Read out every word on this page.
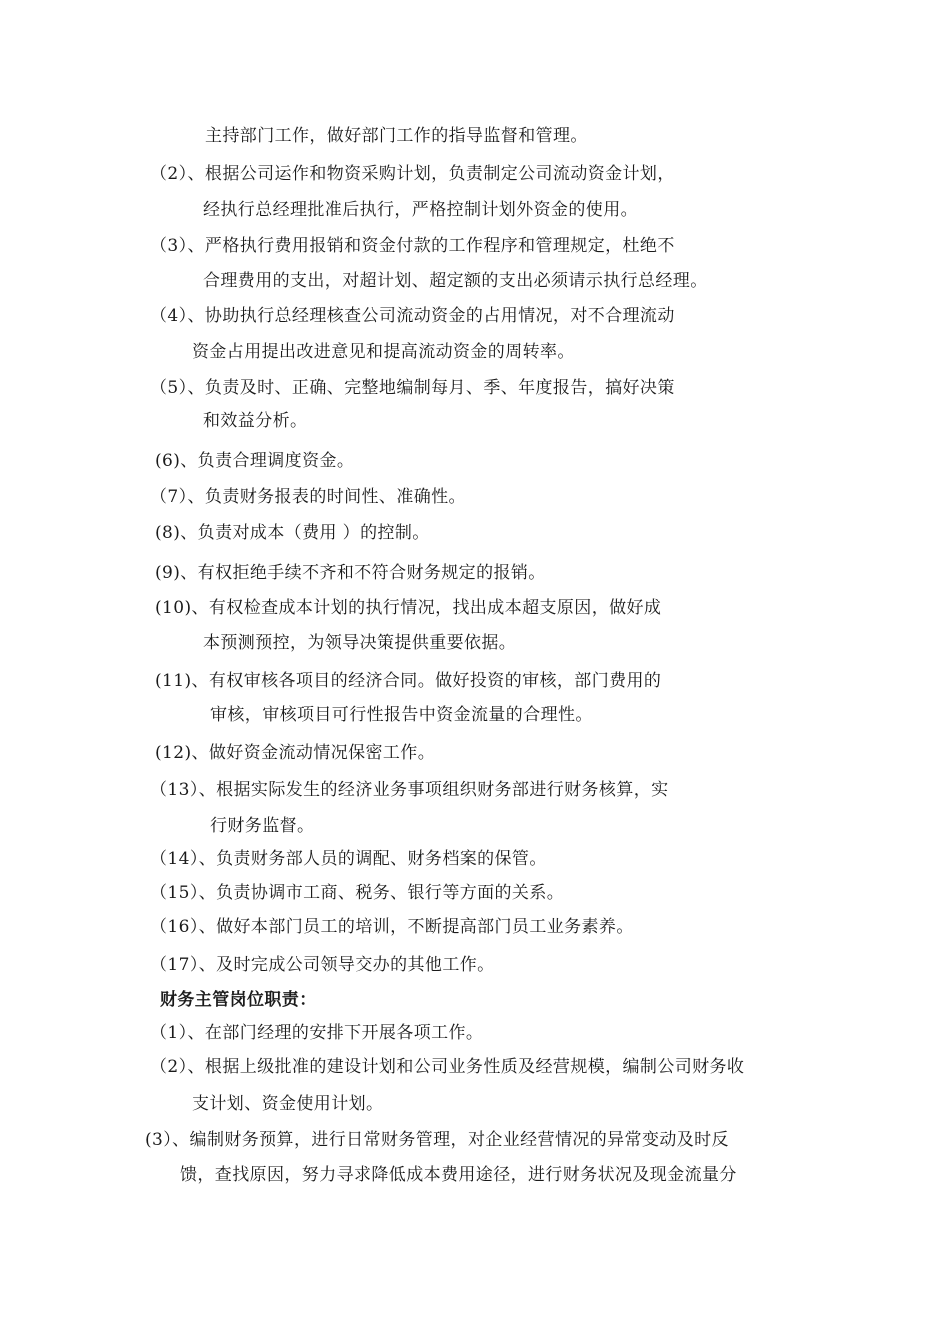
主持部门工作，做好部门工作的指导监督和管理。
（2）、根据公司运作和物资采购计划，负责制定公司流动资金计划，
经执行总经理批准后执行，严格控制计划外资金的使用。
（3）、严格执行费用报销和资金付款的工作程序和管理规定，杜绝不
合理费用的支出，对超计划、超定额的支出必须请示执行总经理。
（4）、协助执行总经理核查公司流动资金的占用情况，对不合理流动
资金占用提出改进意见和提高流动资金的周转率。
（5）、负责及时、正确、完整地编制每月、季、年度报告，搞好决策
和效益分析。
(6)、负责合理调度资金。
（7）、负责财务报表的时间性、准确性。
(8)、负责对成本（费用 ）的控制。
(9)、有权拒绝手续不齐和不符合财务规定的报销。
(10)、有权检查成本计划的执行情况，找出成本超支原因，做好成
本预测预控，为领导决策提供重要依据。
(11)、有权审核各项目的经济合同。做好投资的审核，部门费用的
审核，审核项目可行性报告中资金流量的合理性。
(12)、做好资金流动情况保密工作。
（13）、根据实际发生的经济业务事项组织财务部进行财务核算，实
行财务监督。
（14）、负责财务部人员的调配、财务档案的保管。
（15）、负责协调市工商、税务、银行等方面的关系。
（16）、做好本部门员工的培训，不断提高部门员工业务素养。
（17）、及时完成公司领导交办的其他工作。
财务主管岗位职责：
（1）、在部门经理的安排下开展各项工作。
（2）、根据上级批准的建设计划和公司业务性质及经营规模，编制公司财务收
支计划、资金使用计划。
(3）、编制财务预算，进行日常财务管理，对企业经营情况的异常变动及时反
馈，查找原因，努力寻求降低成本费用途径，进行财务状况及现金流量分
